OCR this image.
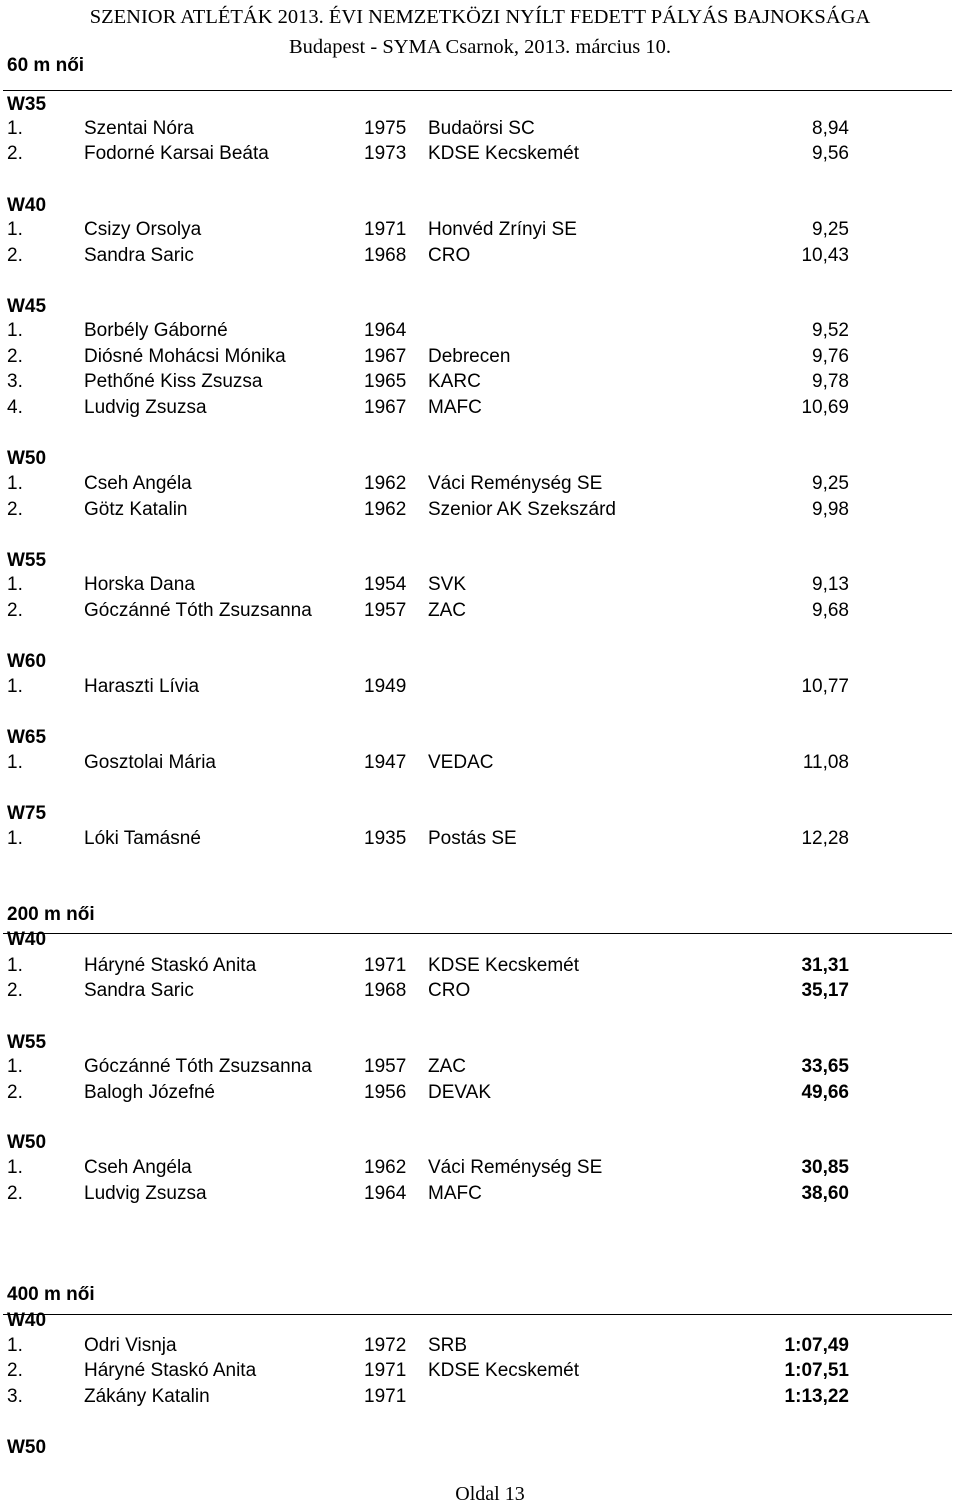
SZENIOR ATLÉTÁK 2013. ÉVI NEMZETKÖZI NYÍLT FEDETT PÁLYÁS BAJNOKSÁGA
Budapest - SYMA Csarnok, 2013. március 10.
60 m női
W35
1.	Szentai Nóra	1975 Budaörsi SC	8,94
2.	Fodorné Karsai Beáta	1973 KDSE Kecskemét	9,56
W40
1.	Csizy Orsolya	1971 Honvéd Zrínyi SE	9,25
2.	Sandra Saric	1968 CRO	10,43
W45
1.	Borbély Gáborné	1964	9,52
2.	Diósné Mohácsi Mónika	1967 Debrecen	9,76
3.	Pethőné Kiss Zsuzsa	1965 KARC	9,78
4.	Ludvig Zsuzsa	1967 MAFC	10,69
W50
1.	Cseh Angéla	1962 Váci Reménység SE	9,25
2.	Götz Katalin	1962 Szenior AK Szekszárd	9,98
W55
1.	Horska Dana	1954 SVK	9,13
2.	Góczánné Tóth Zsuzsanna	1957 ZAC	9,68
W60
1.	Haraszti Lívia	1949	10,77
W65
1.	Gosztolai Mária	1947 VEDAC	11,08
W75
1.	Lóki Tamásné	1935 Postás SE	12,28
200 m női
W40
1.	Háryné Staskó Anita	1971 KDSE Kecskemét	31,31
2.	Sandra Saric	1968 CRO	35,17
W55
1.	Góczánné Tóth Zsuzsanna	1957 ZAC	33,65
2.	Balogh Józefné	1956 DEVAK	49,66
W50
1.	Cseh Angéla	1962 Váci Reménység SE	30,85
2.	Ludvig Zsuzsa	1964 MAFC	38,60
400 m női
W40
1.	Odri Visnja	1972 SRB	1:07,49
2.	Háryné Staskó Anita	1971 KDSE Kecskemét	1:07,51
3.	Zákány Katalin	1971	1:13,22
W50
Oldal 13
